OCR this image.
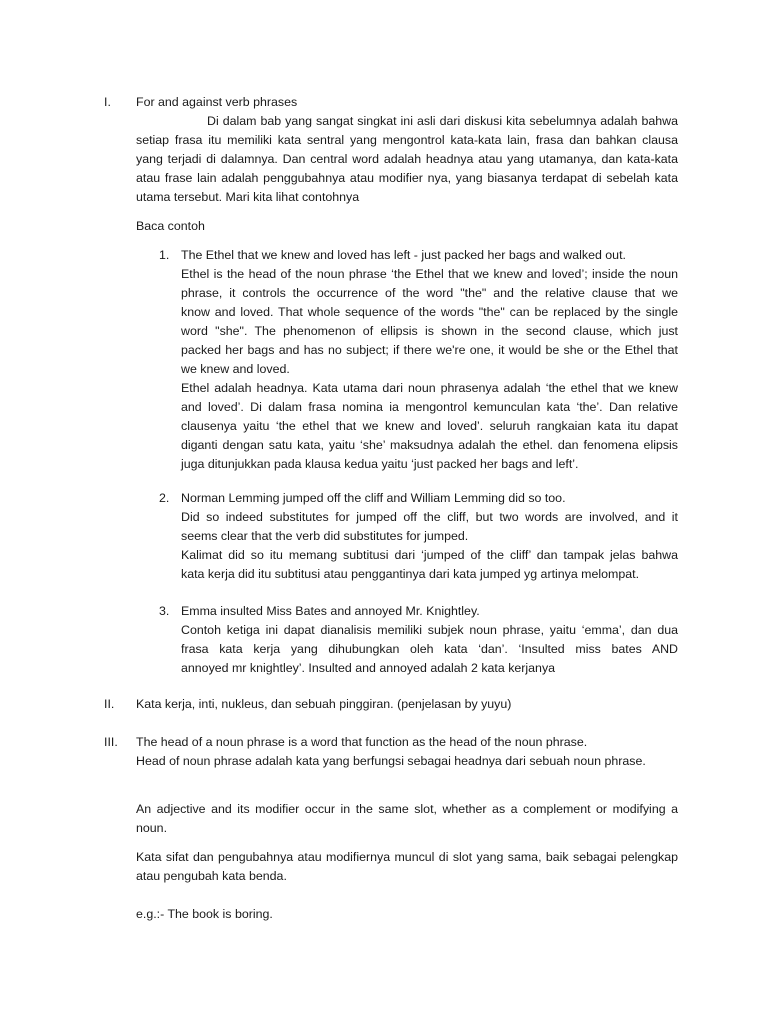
I. For and against verb phrases
Di dalam bab yang sangat singkat ini asli dari diskusi kita sebelumnya adalah bahwa
setiap frasa itu memiliki kata sentral yang mengontrol kata-kata lain, frasa dan bahkan clausa
yang terjadi di dalamnya. Dan central word adalah headnya atau yang utamanya, dan kata-kata
atau frase lain adalah penggubahnya atau modifier nya, yang biasanya terdapat di sebelah kata
utama tersebut. Mari kita lihat contohnya
Baca contoh
1. The Ethel that we knew and loved has left - just packed her bags and walked out.
Ethel is the head of the noun phrase ‘the Ethel that we knew and loved’; inside the noun
phrase, it controls the occurrence of the word "the" and the relative clause that we
know and loved. That whole sequence of the words "the" can be replaced by the single
word "she". The phenomenon of ellipsis is shown in the second clause, which just
packed her bags and has no subject; if there we're one, it would be she or the Ethel that
we knew and loved.
Ethel adalah headnya. Kata utama dari noun phrasenya adalah ‘the ethel that we knew
and loved’. Di dalam frasa nomina ia mengontrol kemunculan kata ‘the’. Dan relative
clausenya yaitu ‘the ethel that we knew and loved’. seluruh rangkaian kata itu dapat
diganti dengan satu kata, yaitu ‘she’ maksudnya adalah the ethel. dan fenomena elipsis
juga ditunjukkan pada klausa kedua yaitu ‘just packed her bags and left’.
2. Norman Lemming jumped off the cliff and William Lemming did so too.
Did so indeed substitutes for jumped off the cliff, but two words are involved, and it
seems clear that the verb did substitutes for jumped.
Kalimat did so itu memang subtitusi dari ‘jumped of the cliff’ dan tampak jelas bahwa
kata kerja did itu subtitusi atau penggantinya dari kata jumped yg artinya melompat.
3. Emma insulted Miss Bates and annoyed Mr. Knightley.
Contoh ketiga ini dapat dianalisis memiliki subjek noun phrase, yaitu ‘emma’, dan dua
frasa kata kerja yang dihubungkan oleh kata ‘dan’. ‘Insulted miss bates AND
annoyed mr knightley’. Insulted and annoyed adalah 2 kata kerjanya
II. Kata kerja, inti, nukleus, dan sebuah pinggiran. (penjelasan by yuyu)
III. The head of a noun phrase is a word that function as the head of the noun phrase.
Head of noun phrase adalah kata yang berfungsi sebagai headnya dari sebuah noun phrase.
An adjective and its modifier occur in the same slot, whether as a complement or modifying a
noun.
Kata sifat dan pengubahnya atau modifiernya muncul di slot yang sama, baik sebagai pelengkap
atau pengubah kata benda.
e.g.:- The book is boring.
